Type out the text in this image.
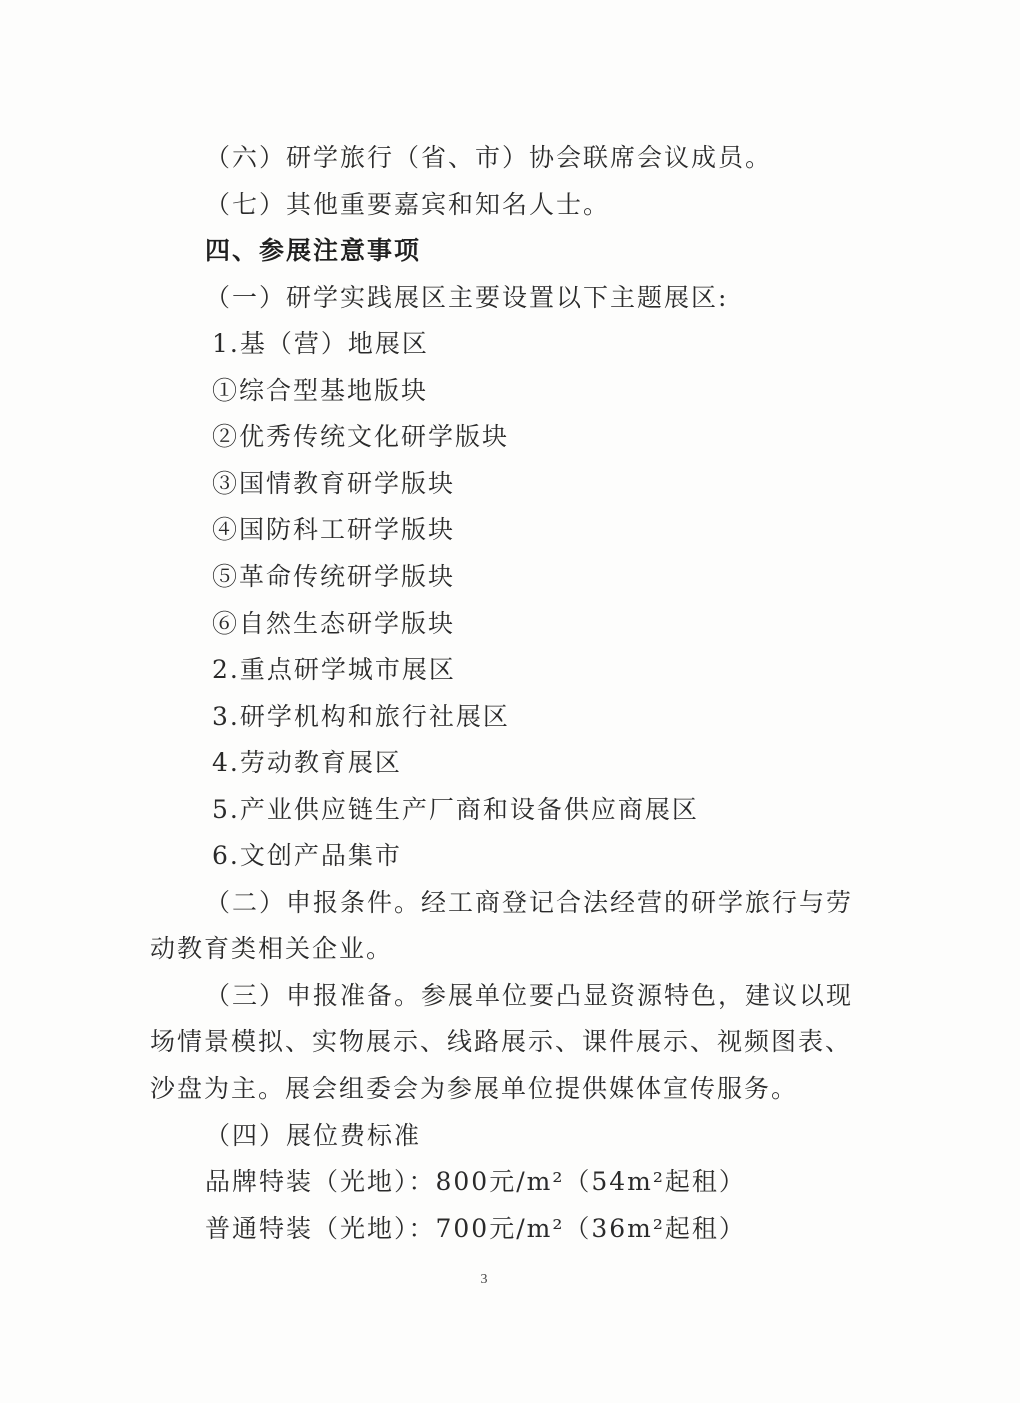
（六）研学旅行（省、市）协会联席会议成员。
（七）其他重要嘉宾和知名人士。
四、参展注意事项
（一）研学实践展区主要设置以下主题展区:
1.基（营）地展区
①综合型基地版块
②优秀传统文化研学版块
③国情教育研学版块
④国防科工研学版块
⑤革命传统研学版块
⑥自然生态研学版块
2.重点研学城市展区
3.研学机构和旅行社展区
4.劳动教育展区
5.产业供应链生产厂商和设备供应商展区
6.文创产品集市
（二）申报条件。经工商登记合法经营的研学旅行与劳
动教育类相关企业。
（三）申报准备。参展单位要凸显资源特色，建议以现
场情景模拟、实物展示、线路展示、课件展示、视频图表、
沙盘为主。展会组委会为参展单位提供媒体宣传服务。
（四）展位费标准
品牌特装（光地）：800元/m²（54m²起租）
普通特装（光地）：700元/m²（36m²起租）
3
